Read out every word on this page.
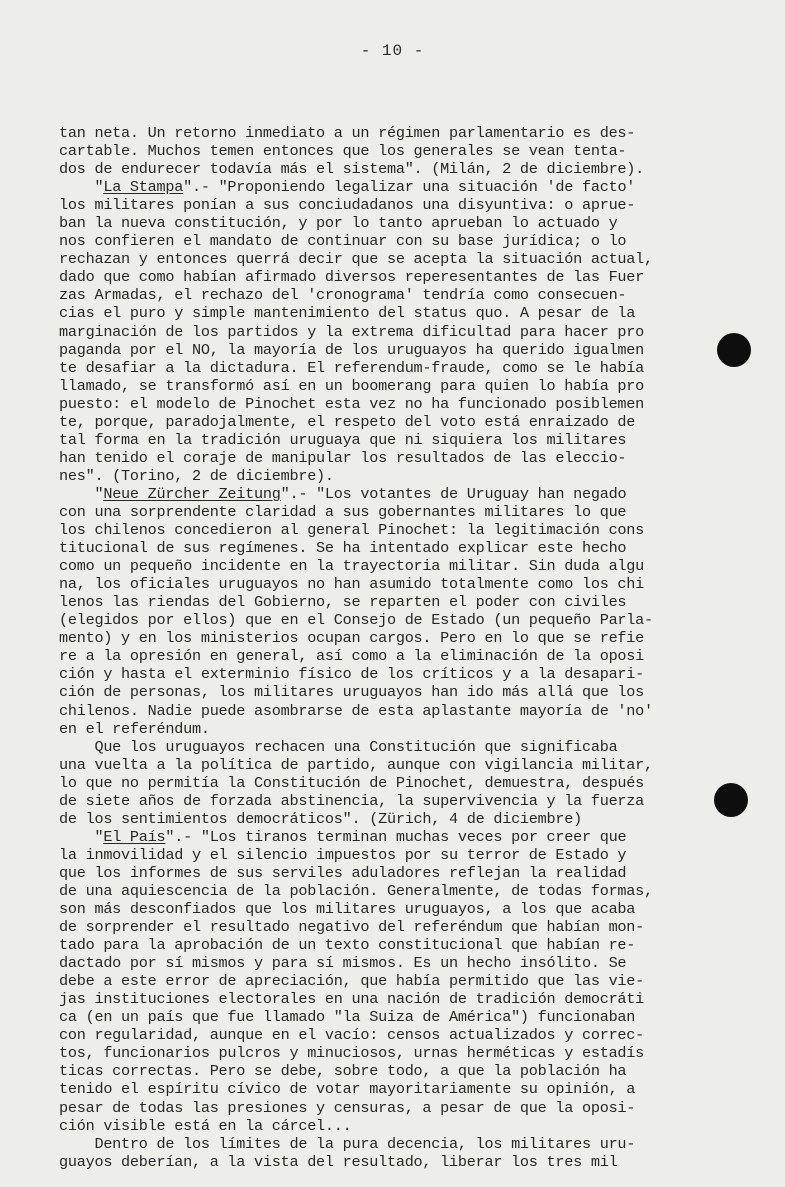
- 10 -
tan neta. Un retorno inmediato a un régimen parlamentario es des-
cartable. Muchos temen entonces que los generales se vean tenta-
dos de endurecer todavía más el sistema". (Milán, 2 de diciembre).
"La Stampa".- "Proponiendo legalizar una situación 'de facto'
los militares ponían a sus conciudadanos una disyuntiva: o aprue-
ban la nueva constitución, y por lo tanto aprueban lo actuado y
nos confieren el mandato de continuar con su base jurídica; o lo
rechazan y entonces querrá decir que se acepta la situación actual,
dado que como habían afirmado diversos reperesentantes de las Fuer
zas Armadas, el rechazo del 'cronograma' tendría como consecuen-
cias el puro y simple mantenimiento del status quo. A pesar de la
marginación de los partidos y la extrema dificultad para hacer pro
paganda por el NO, la mayoría de los uruguayos ha querido igualmen
te desafiar a la dictadura. El referendum-fraude, como se le había
llamado, se transformó así en un boomerang para quien lo había pro
puesto: el modelo de Pinochet esta vez no ha funcionado posiblemen
te, porque, paradojalmente, el respeto del voto está enraizado de
tal forma en la tradición uruguaya que ni siquiera los militares
han tenido el coraje de manipular los resultados de las eleccio-
nes". (Torino, 2 de diciembre).
"Neue Zürcher Zeitung".- "Los votantes de Uruguay han negado
con una sorprendente claridad a sus gobernantes militares lo que
los chilenos concedieron al general Pinochet: la legitimación cons
titucional de sus regímenes. Se ha intentado explicar este hecho
como un pequeño incidente en la trayectoria militar. Sin duda algu
na, los oficiales uruguayos no han asumido totalmente como los chi
lenos las riendas del Gobierno, se reparten el poder con civiles
(elegidos por ellos) que en el Consejo de Estado (un pequeño Parla-
mento) y en los ministerios ocupan cargos. Pero en lo que se refie
re a la opresión en general, así como a la eliminación de la oposi
ción y hasta el exterminio físico de los críticos y a la desapari-
ción de personas, los militares uruguayos han ido más allá que los
chilenos. Nadie puede asombrarse de esta aplastante mayoría de 'no'
en el referéndum.
Que los uruguayos rechacen una Constitución que significaba
una vuelta a la política de partido, aunque con vigilancia militar,
lo que no permitía la Constitución de Pinochet, demuestra, después
de siete años de forzada abstinencia, la supervivencia y la fuerza
de los sentimientos democráticos". (Zürich, 4 de diciembre)
"El País".- "Los tiranos terminan muchas veces por creer que
la inmovilidad y el silencio impuestos por su terror de Estado y
que los informes de sus serviles aduladores reflejan la realidad
de una aquiescencia de la población. Generalmente, de todas formas,
son más desconfiados que los militares uruguayos, a los que acaba
de sorprender el resultado negativo del referéndum que habían mon-
tado para la aprobación de un texto constitucional que habían re-
dactado por sí mismos y para sí mismos. Es un hecho insólito. Se
debe a este error de apreciación, que había permitido que las vie-
jas instituciones electorales en una nación de tradición democráti
ca (en un país que fue llamado "la Suiza de América") funcionaban
con regularidad, aunque en el vacío: censos actualizados y correc-
tos, funcionarios pulcros y minuciosos, urnas herméticas y estadís
ticas correctas. Pero se debe, sobre todo, a que la población ha
tenido el espíritu cívico de votar mayoritariamente su opinión, a
pesar de todas las presiones y censuras, a pesar de que la oposi-
ción visible está en la cárcel...
Dentro de los límites de la pura decencia, los militares uru-
guayos deberían, a la vista del resultado, liberar los tres mil
